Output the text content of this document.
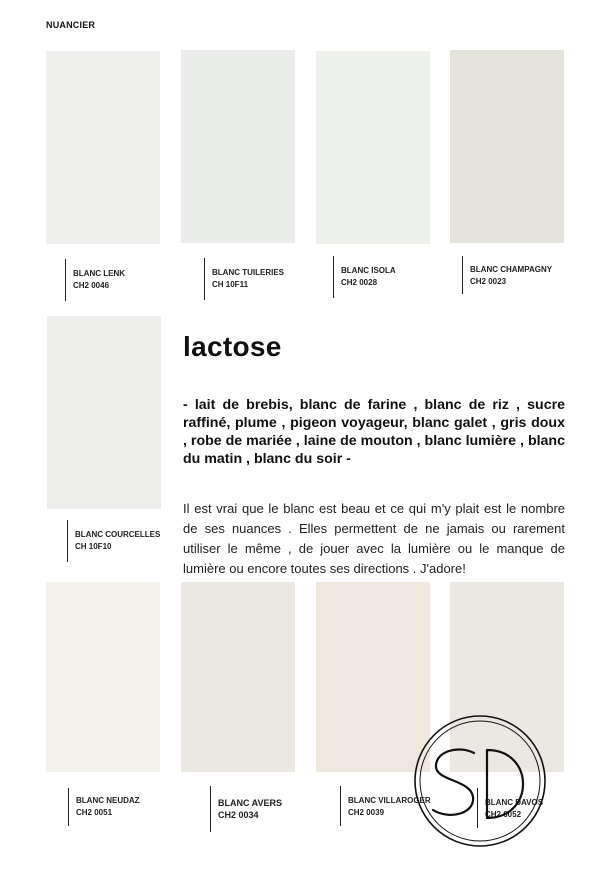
NUANCIER
BLANC LENK
CH2 0046
BLANC TUILERIES
CH 10F11
BLANC ISOLA
CH2 0028
BLANC CHAMPAGNY
CH2 0023
BLANC COURCELLES
CH 10F10
lactose
- lait de brebis, blanc de farine , blanc de riz , sucre raffiné, plume , pigeon voyageur, blanc galet , gris doux , robe de mariée , laine de mouton , blanc lumière , blanc du matin , blanc du soir -
Il est vrai que le blanc est beau et ce qui m'y plait est le nombre de ses nuances . Elles permettent de ne jamais ou rarement utiliser le même , de jouer avec la lumière ou le manque de lumière ou encore toutes ses directions . J'adore!
BLANC NEUDAZ
CH2 0051
BLANC AVERS
CH2 0034
BLANC VILLAROGER
CH2 0039
BLANC DAVOS
CH2 0052
